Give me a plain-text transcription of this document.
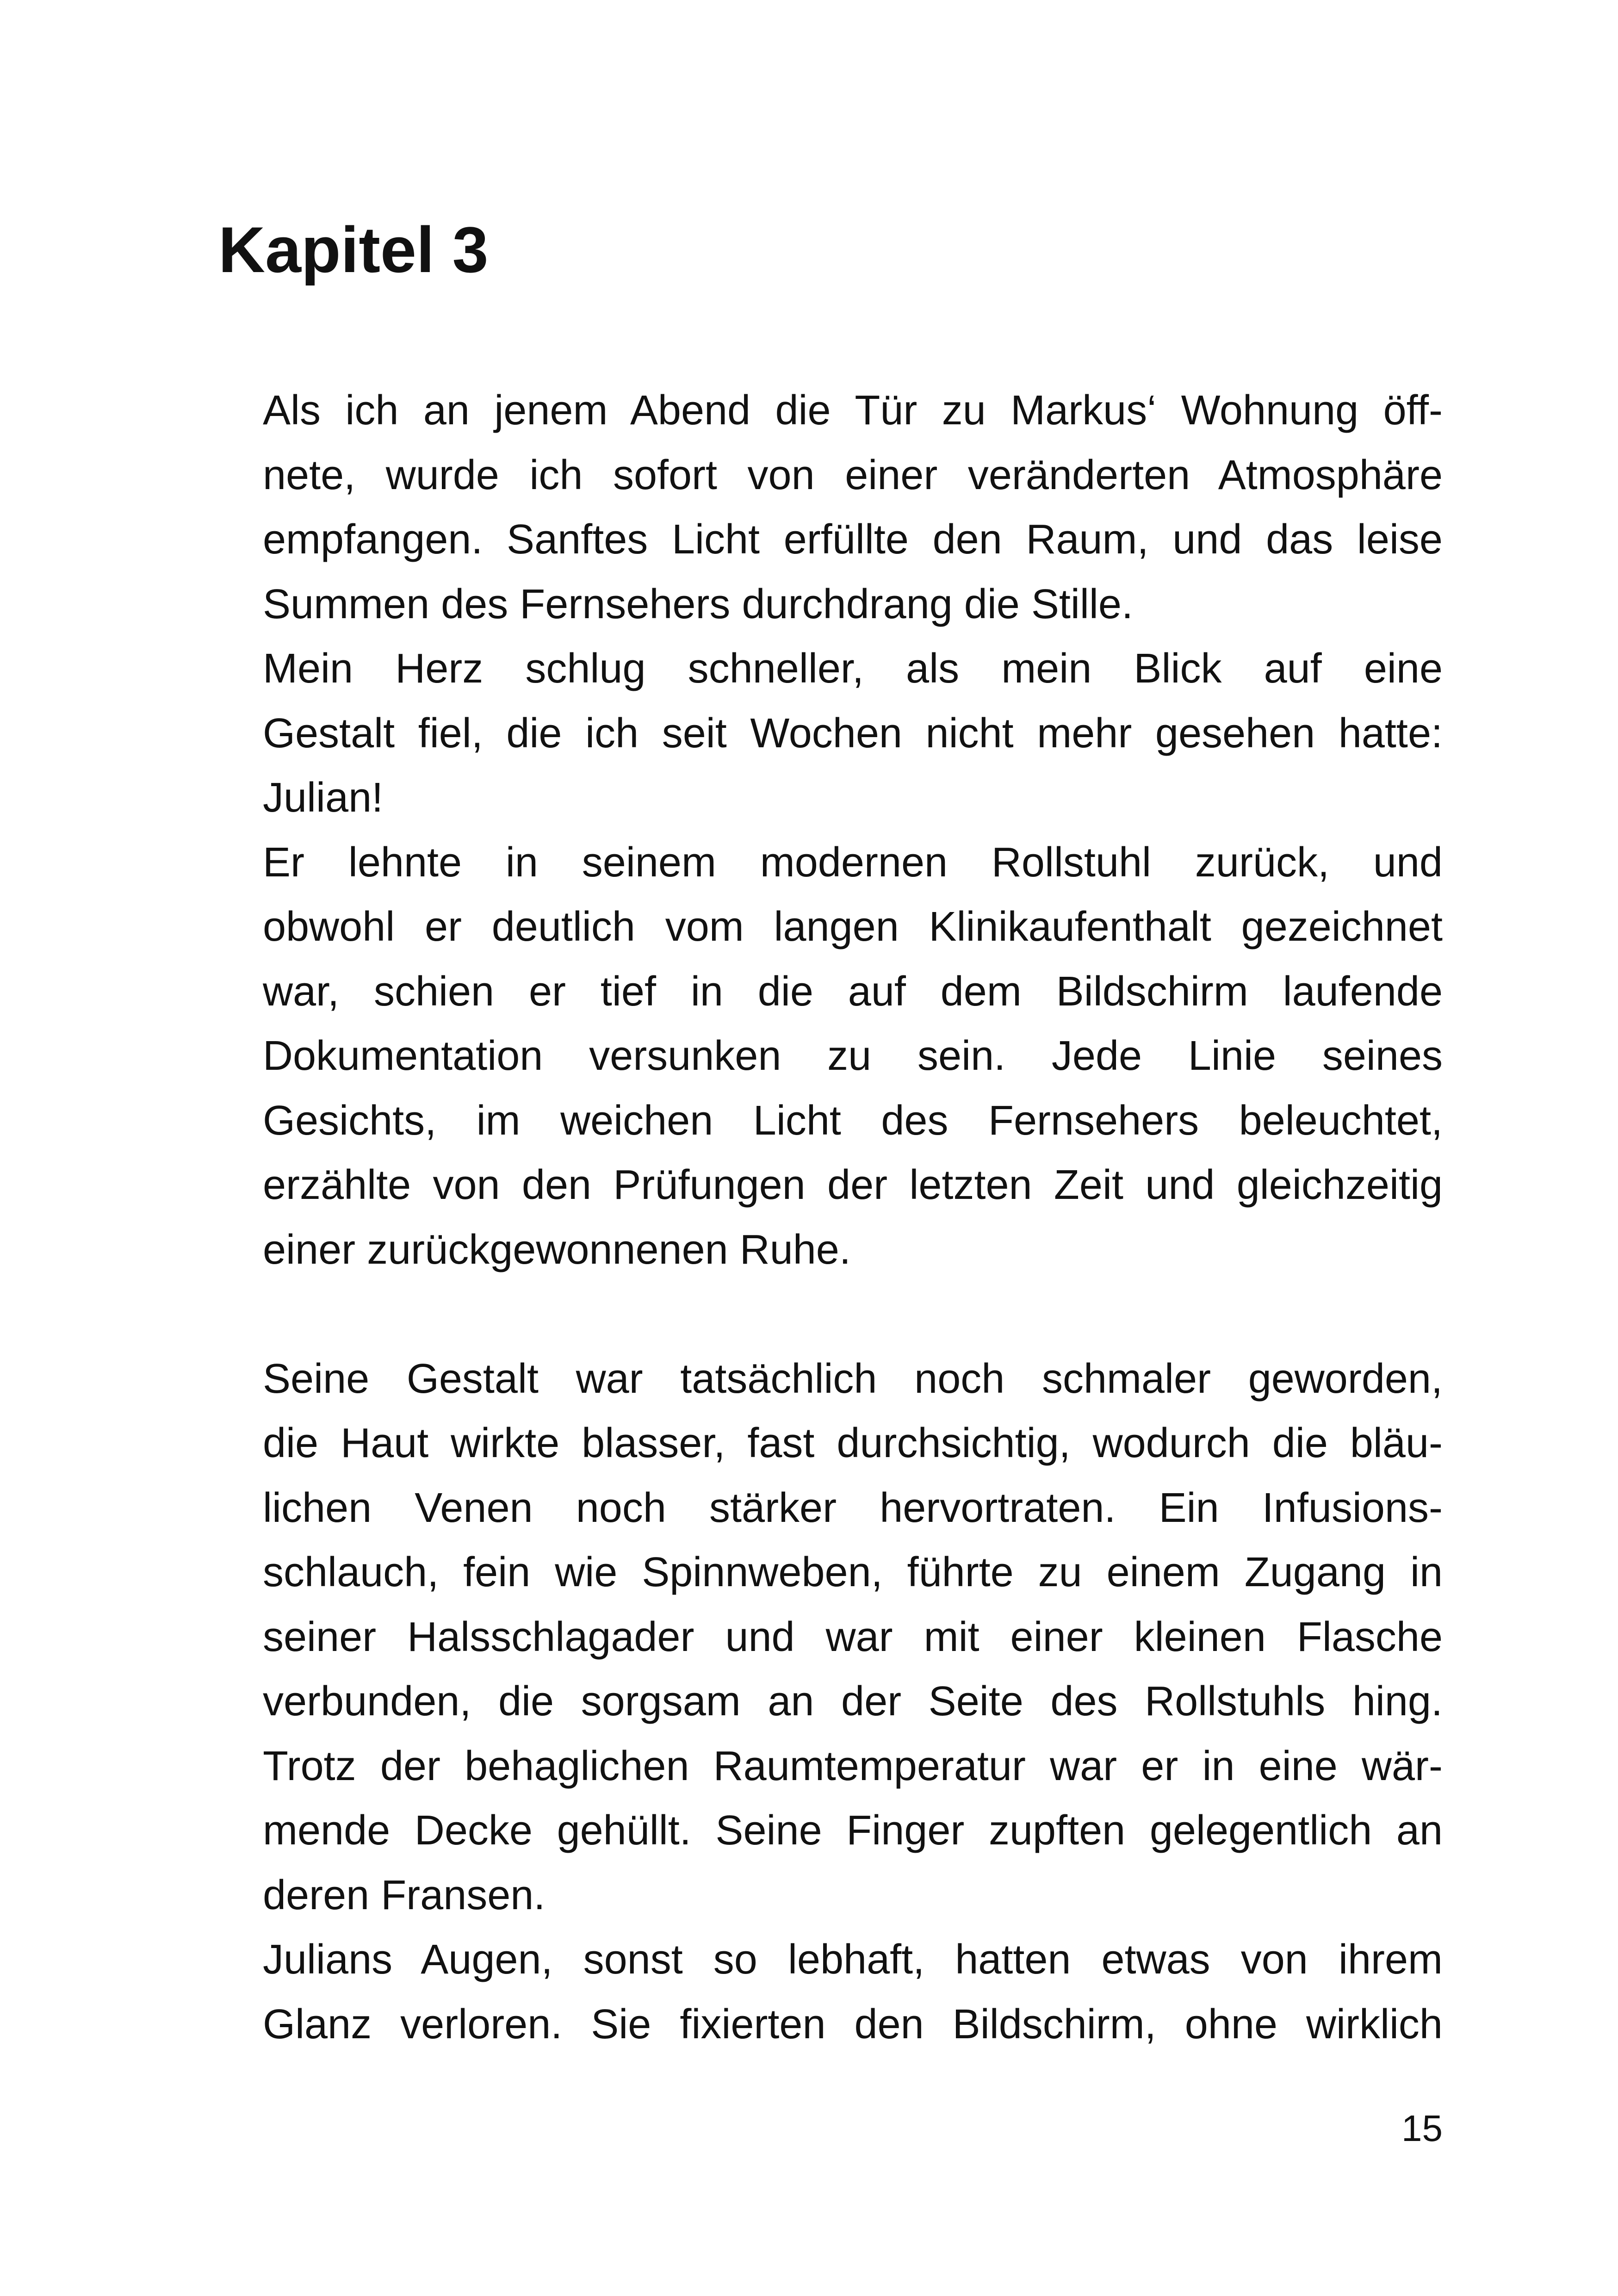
Kapitel 3

Als ich an jenem Abend die Tür zu Markus‘ Wohnung öff-
nete, wurde ich sofort von einer veränderten Atmosphäre
empfangen. Sanftes Licht erfüllte den Raum, und das leise
Summen des Fernsehers durchdrang die Stille.

Mein Herz schlug schneller, als mein Blick auf eine
Gestalt fiel, die ich seit Wochen nicht mehr gesehen hatte:
Julian!

Er lehnte in seinem modernen Rollstuhl zurück, und
obwohl er deutlich vom langen Klinikaufenthalt gezeichnet
war, schien er tief in die auf dem Bildschirm laufende
Dokumentation versunken zu sein. Jede Linie seines
Gesichts, im weichen Licht des Fernsehers beleuchtet,
erzählte von den Prüfungen der letzten Zeit und gleichzeitig
einer zurückgewonnenen Ruhe.

Seine Gestalt war tatsächlich noch schmaler geworden,
die Haut wirkte blasser, fast durchsichtig, wodurch die bläu-
lichen Venen noch stärker hervortraten. Ein Infusions-
schlauch, fein wie Spinnweben, führte zu einem Zugang in
seiner Halsschlagader und war mit einer kleinen Flasche
verbunden, die sorgsam an der Seite des Rollstuhls hing.
Trotz der behaglichen Raumtemperatur war er in eine wär-
mende Decke gehüllt. Seine Finger zupften gelegentlich an
deren Fransen.

Julians Augen, sonst so lebhaft, hatten etwas von ihrem
Glanz verloren. Sie fixierten den Bildschirm, ohne wirklich

15
